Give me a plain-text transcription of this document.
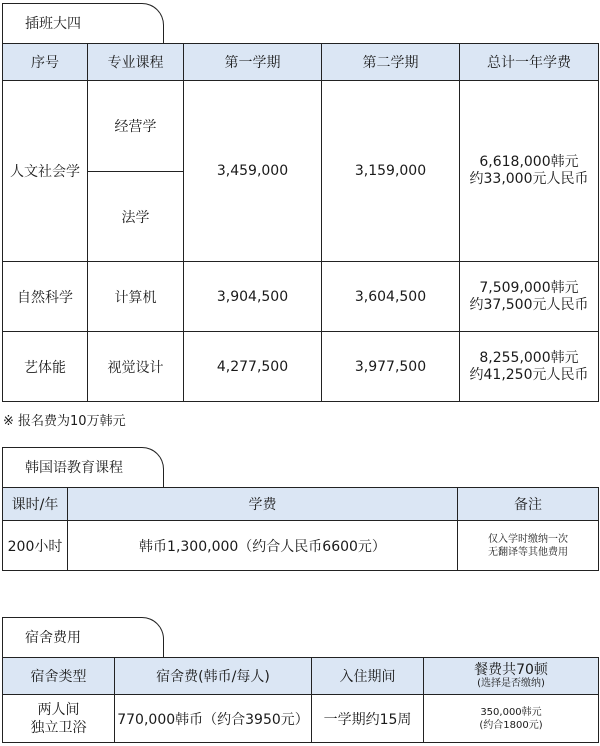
插班大四
序号	专业课程	第一学期	第二学期	总计一年学费
人文社会学	经营学	3,459,000	3,159,000	6,618,000韩元
约33,000元人民币
	法学			
自然科学	计算机	3,904,500	3,604,500	7,509,000韩元
约37,500元人民币
艺体能	视觉设计	4,277,500	3,977,500	8,255,000韩元
约41,250元人民币
※ 报名费为10万韩元
韩国语教育课程
课时/年	学费	备注
200小时	韩币1,300,000（约合人民币6600元）	仅入学时缴纳一次
无翻译等其他费用
宿舍费用
宿舍类型	宿舍费(韩币/每人)	入住期间	餐费共70顿
(选择是否缴纳)

两人间
独立卫浴	770,000韩币（约合3950元）	一学期约15周	350,000韩元
(约合1800元)
